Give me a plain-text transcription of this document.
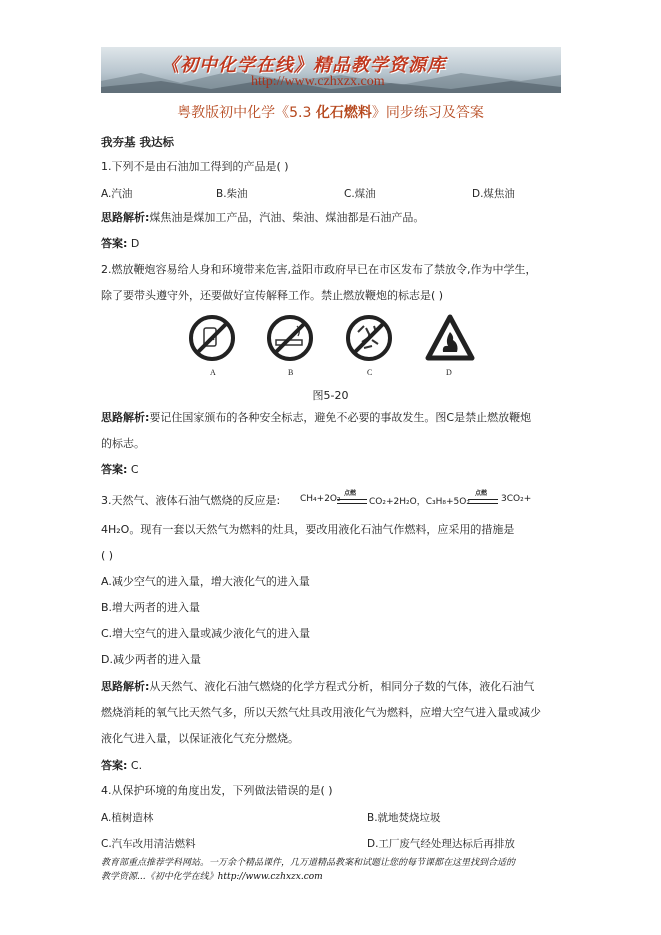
《初中化学在线》精品教学资源库
http://www.czhxzx.com
粤教版初中化学《5.3 化石燃料》同步练习及答案
我夯基 我达标
1.下列不是由石油加工得到的产品是( )
A.汽油	B.柴油	C.煤油	D.煤焦油
思路解析:煤焦油是煤加工产品，汽油、柴油、煤油都是石油产品。
答案: D
2.燃放鞭炮容易给人身和环境带来危害,益阳市政府早已在市区发布了禁放令,作为中学生，
除了要带头遵守外，还要做好宣传解释工作。禁止燃放鞭炮的标志是( )
A	B	C	D
图5-20
思路解析:要记住国家颁布的各种安全标志，避免不必要的事故发生。图C是禁止燃放鞭炮
的标志。
答案: C
3.天然气、液体石油气燃烧的反应是: CH₄+2O₂
点燃
CO₂+2H₂O，C₃H₈+5O₂
点燃
3CO₂+
4H₂O。现有一套以天然气为燃料的灶具，要改用液化石油气作燃料，应采用的措施是
( )
A.减少空气的进入量，增大液化气的进入量
B.增大两者的进入量
C.增大空气的进入量或减少液化气的进入量
D.减少两者的进入量
思路解析:从天然气、液化石油气燃烧的化学方程式分析，相同分子数的气体，液化石油气
燃烧消耗的氧气比天然气多，所以天然气灶具改用液化气为燃料，应增大空气进入量或减少
液化气进入量，以保证液化气充分燃烧。
答案: C.
4.从保护环境的角度出发，下列做法错误的是( )
A.植树造林	B.就地焚烧垃圾
C.汽车改用清洁燃料	D.工厂废气经处理达标后再排放
教育部重点推荐学科网站。一万余个精品课件，几万道精品教案和试题让您的每节课都在这里找到合适的
教学资源...《初中化学在线》http://www.czhxzx.com
